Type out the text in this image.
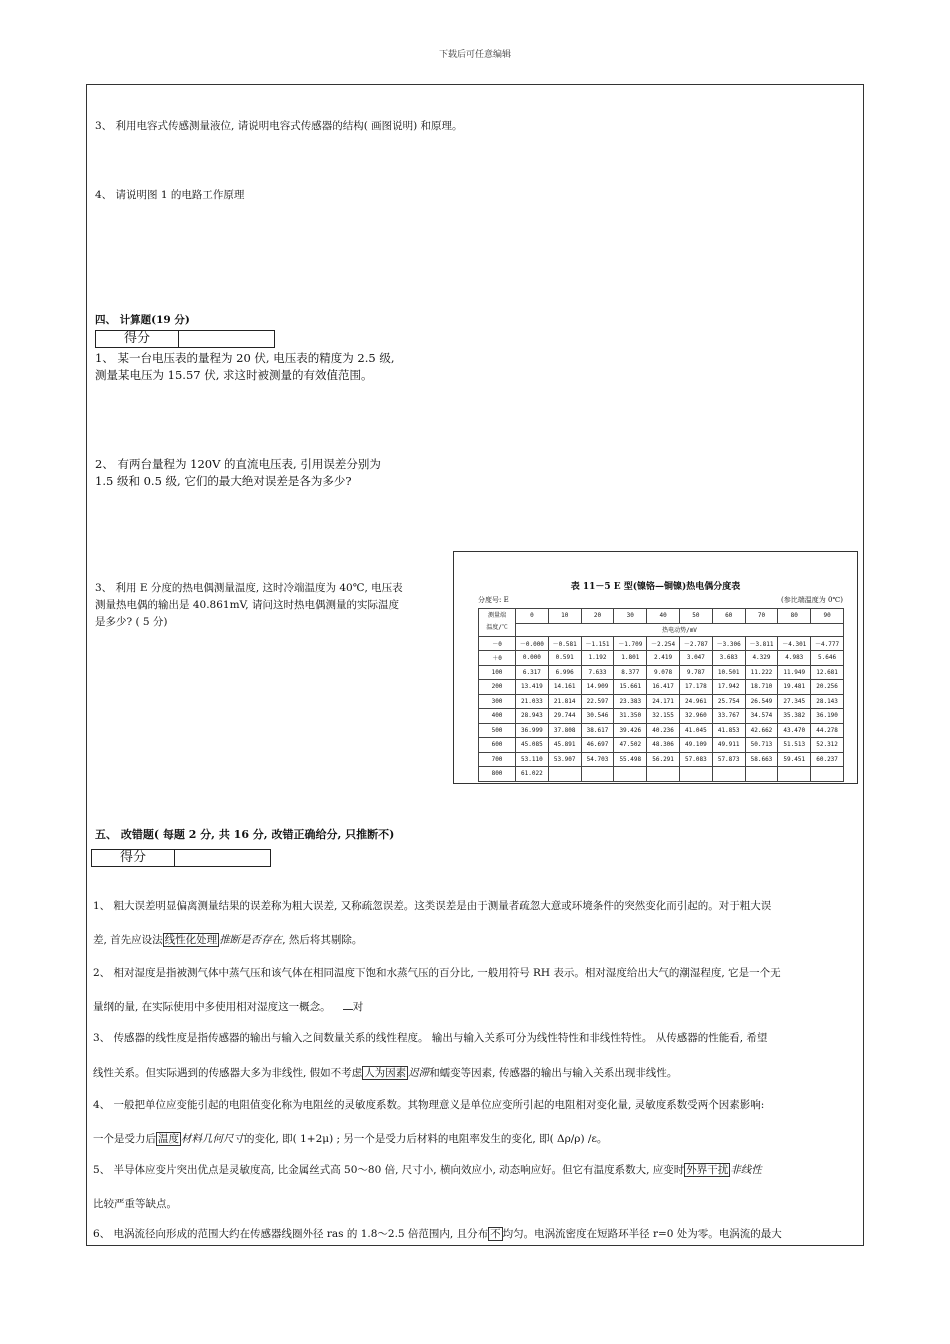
下载后可任意编辑
3、 利用电容式传感测量液位, 请说明电容式传感器的结构( 画图说明) 和原理。
4、 请说明图 1 的电路工作原理
四、 计算题(19 分)
得分
1、 某一台电压表的量程为 20 伏, 电压表的精度为 2.5 级,
测量某电压为 15.57 伏, 求这时被测量的有效值范围。
2、 有两台量程为 120V 的直流电压表, 引用误差分别为
1.5 级和 0.5 级, 它们的最大绝对误差是各为多少?
3、 利用 E 分度的热电偶测量温度, 这时冷端温度为 40℃, 电压表
测量热电偶的输出是 40.861mV, 请问这时热电偶测量的实际温度
是多少? ( 5 分)
表 11－5 E 型(镍铬—铜镍)热电偶分度表
分度号: E	(参比端温度为 0℃)
测量端
温度/℃	0	10	20	30	40	50	60	70	80	90
	热电动势/mV									
－0	－0.000	－0.581	－1.151	－1.709	－2.254	－2.787	－3.306	－3.811	－4.301	－4.777
＋0	0.000	0.591	1.192	1.801	2.419	3.047	3.683	4.329	4.983	5.646
100	6.317	6.996	7.633	8.377	9.078	9.787	10.501	11.222	11.949	12.681
200	13.419	14.161	14.909	15.661	16.417	17.178	17.942	18.710	19.481	20.256
300	21.033	21.814	22.597	23.383	24.171	24.961	25.754	26.549	27.345	28.143
400	28.943	29.744	30.546	31.350	32.155	32.960	33.767	34.574	35.382	36.190
500	36.999	37.808	38.617	39.426	40.236	41.045	41.853	42.662	43.470	44.278
600	45.085	45.891	46.697	47.502	48.306	49.109	49.911	50.713	51.513	52.312
700	53.110	53.907	54.703	55.498	56.291	57.083	57.873	58.663	59.451	60.237
800	61.022									
五、 改错题( 每题 2 分, 共 16 分, 改错正确给分, 只推断不)
得分
1、 粗大误差明显偏离测量结果的误差称为粗大误差, 又称疏忽误差。这类误差是由于测量者疏忽大意或环境条件的突然变化而引起的。对于粗大误
差, 首先应设法 线性化处理 推断是否存在, 然后将其剔除。
2、 相对湿度是指被测气体中蒸气压和该气体在相同温度下饱和水蒸气压的百分比, 一般用符号 RH 表示。相对湿度给出大气的潮湿程度, 它是一个无
量纲的量, 在实际使用中多使用相对湿度这一概念。 对
3、 传感器的线性度是指传感器的输出与输入之间数量关系的线性程度。 输出与输入关系可分为线性特性和非线性特性。 从传感器的性能看, 希望
线性关系。但实际遇到的传感器大多为非线性, 假如不考虑 人为因素 迟滞和蠕变等因素, 传感器的输出与输入关系出现非线性。
4、 一般把单位应变能引起的电阻值变化称为电阻丝的灵敏度系数。其物理意义是单位应变所引起的电阻相对变化量, 灵敏度系数受两个因素影响:
一个是受力后 温度 材料几何尺寸的变化, 即( 1+2μ) ; 另一个是受力后材料的电阻率发生的变化, 即( Δρ/ρ) /ε。
5、 半导体应变片突出优点是灵敏度高, 比金属丝式高 50～80 倍, 尺寸小, 横向效应小, 动态响应好。但它有温度系数大, 应变时 外界干扰 非线性
比较严重等缺点。
6、 电涡流径向形成的范围大约在传感器线圈外径 ras 的 1.8～2.5 倍范围内, 且分布 不 均匀。电涡流密度在短路环半径 r=0 处为零。电涡流的最大
